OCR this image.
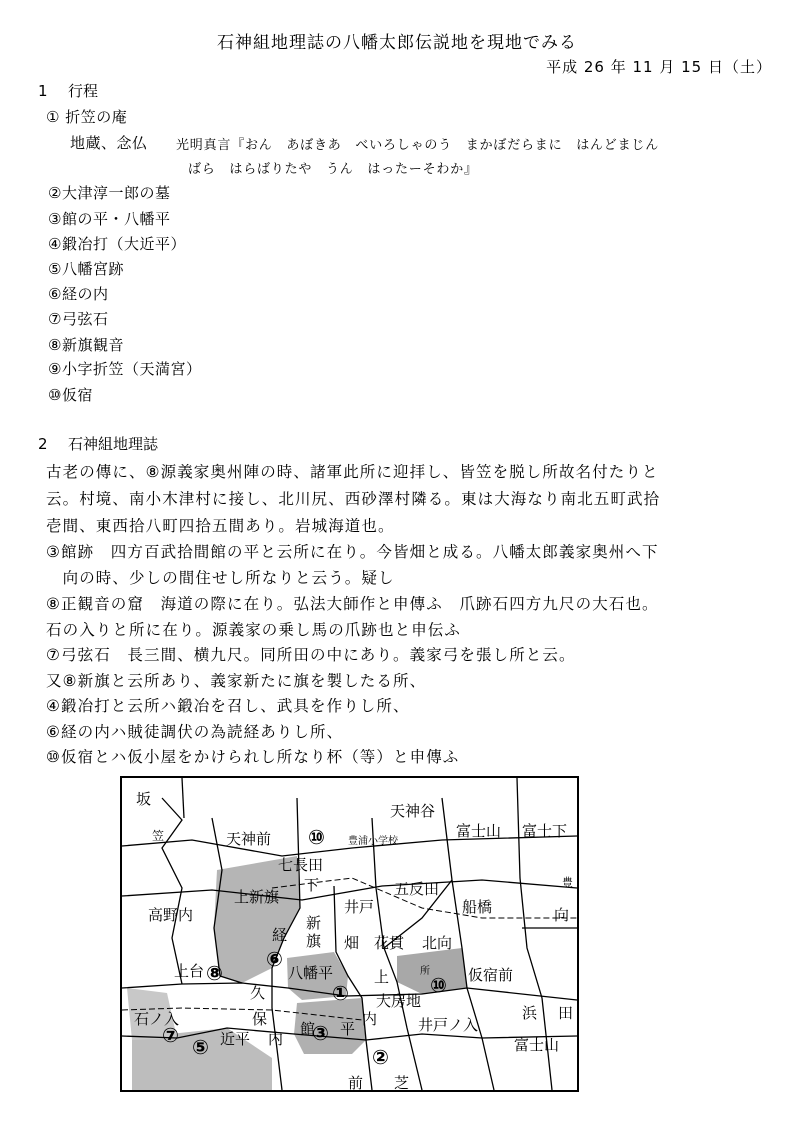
石神組地理誌の八幡太郎伝説地を現地でみる
平成 26 年 11 月 15 日（土）
1 行程
① 折笠の庵
地蔵、念仏 光明真言『おん　あぼきあ　べいろしゃのう　まかぼだらまに　はんどまじん
ばら　はらばりたや　うん　はったーそわか』
②大津淳一郎の墓
③館の平・八幡平
④鍛冶打（大近平）
⑤八幡宮跡
⑥経の内
⑦弓弦石
⑧新旗観音
⑨小字折笠（天満宮）
⑩仮宿
2 石神組地理誌
古老の傳に、⑧源義家奥州陣の時、諸軍此所に迎拝し、皆笠を脱し所故名付たりと
云。村境、南小木津村に接し、北川尻、西砂澤村隣る。東は大海なり南北五町武拾
壱間、東西拾八町四拾五間あり。岩城海道也。
③館跡　四方百武拾間館の平と云所に在り。今皆畑と成る。八幡太郎義家奥州へ下
　向の時、少しの間住せし所なりと云う。疑し
⑧正観音の窟　海道の際に在り。弘法大師作と申傳ふ　爪跡石四方九尺の大石也。
石の入りと所に在り。源義家の乗し馬の爪跡也と申伝ふ
⑦弓弦石　長三間、横九尺。同所田の中にあり。義家弓を張し所と云。
又⑧新旗と云所あり、義家新たに旗を製したる所、
④鍛冶打と云所ハ鍛冶を召し、武具を作りし所、
⑥経の内ハ賊徒調伏の為読経ありし所、
⑩仮宿とハ仮小屋をかけられし所なり杯（等）と申傳ふ
坂
天神谷
天神前	豊浦小学校
富士山 富士下
七長田
笠
上新旗	五反田	豊
下
新
旗
井戸
畑 花貫 北向
船橋	向
高野内
経
上台	八幡平	上	仮宿前
久
保
内
大房地
井戸ノ入
浜 田
石ノ入
近平
館 平
内
富士山
前 芝
所
⑩
⑥
⑧
①	⑩
⑦ ⑤
③
②
